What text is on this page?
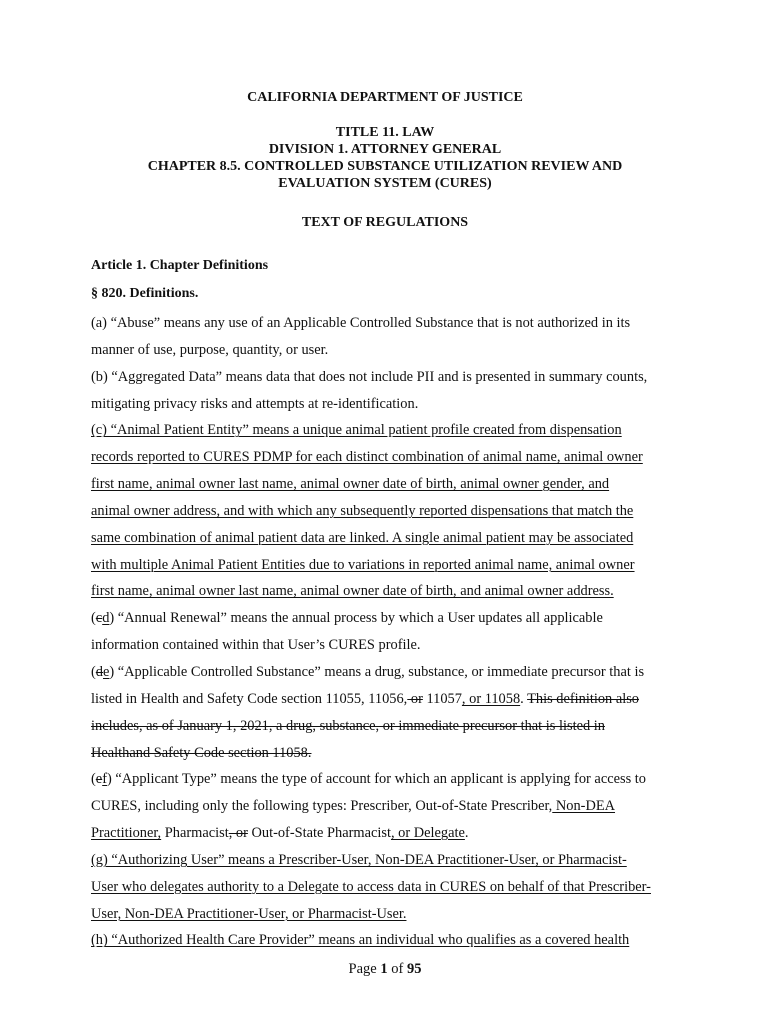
CALIFORNIA DEPARTMENT OF JUSTICE
TITLE 11. LAW
DIVISION 1. ATTORNEY GENERAL
CHAPTER 8.5. CONTROLLED SUBSTANCE UTILIZATION REVIEW AND
EVALUATION SYSTEM (CURES)
TEXT OF REGULATIONS
Article 1. Chapter Definitions
§ 820. Definitions.
(a) “Abuse” means any use of an Applicable Controlled Substance that is not authorized in its
manner of use, purpose, quantity, or user.
(b) “Aggregated Data” means data that does not include PII and is presented in summary counts,
mitigating privacy risks and attempts at re-identification.
(c) “Animal Patient Entity” means a unique animal patient profile created from dispensation
records reported to CURES PDMP for each distinct combination of animal name, animal owner
first name, animal owner last name, animal owner date of birth, animal owner gender, and
animal owner address, and with which any subsequently reported dispensations that match the
same combination of animal patient data are linked. A single animal patient may be associated
with multiple Animal Patient Entities due to variations in reported animal name, animal owner
first name, animal owner last name, animal owner date of birth, and animal owner address.
(cd) “Annual Renewal” means the annual process by which a User updates all applicable
information contained within that User’s CURES profile.
(de) “Applicable Controlled Substance” means a drug, substance, or immediate precursor that is
listed in Health and Safety Code section 11055, 11056, or 11057, or 11058. This definition also
includes, as of January 1, 2021, a drug, substance, or immediate precursor that is listed in
Healthand Safety Code section 11058.
(ef) “Applicant Type” means the type of account for which an applicant is applying for access to
CURES, including only the following types: Prescriber, Out-of-State Prescriber, Non-DEA
Practitioner, Pharmacist, or Out-of-State Pharmacist, or Delegate.
(g) “Authorizing User” means a Prescriber-User, Non-DEA Practitioner-User, or Pharmacist-
User who delegates authority to a Delegate to access data in CURES on behalf of that Prescriber-
User, Non-DEA Practitioner-User, or Pharmacist-User.
(h) “Authorized Health Care Provider” means an individual who qualifies as a covered health
Page 1 of 95
